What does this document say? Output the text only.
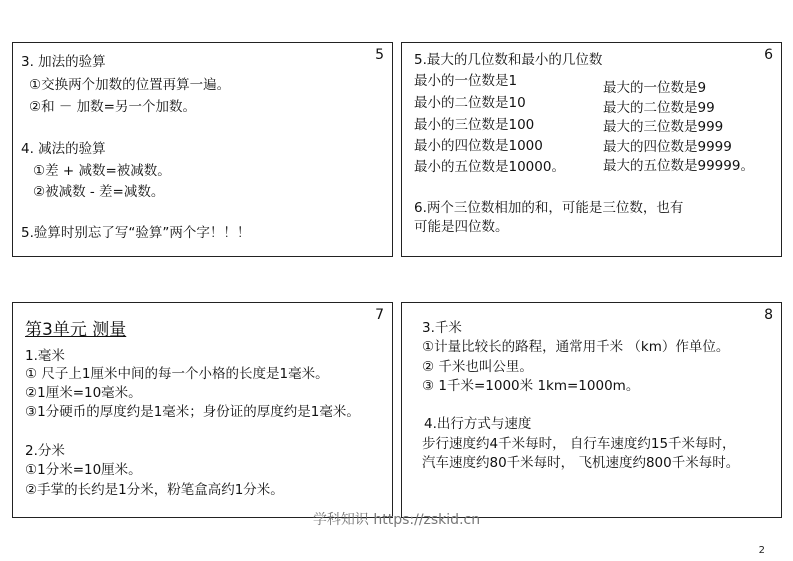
5
3. 加法的验算
①交换两个加数的位置再算一遍。
②和 － 加数=另一个加数。
4. 减法的验算
①差 + 减数=被减数。
②被减数 - 差=减数。
5.验算时别忘了写“验算”两个字！！！
6
5.最大的几位数和最小的几位数
最小的一位数是1
最小的二位数是10
最小的三位数是100
最小的四位数是1000
最小的五位数是10000。
最大的一位数是9
最大的二位数是99
最大的三位数是999
最大的四位数是9999
最大的五位数是99999。
6.两个三位数相加的和，可能是三位数，也有
可能是四位数。
7
第3单元 测量
1.毫米
① 尺子上1厘米中间的每一个小格的长度是1毫米。
②1厘米=10毫米。
③1分硬币的厚度约是1毫米；身份证的厚度约是1毫米。
2.分米
①1分米=10厘米。
②手掌的长约是1分米，粉笔盒高约1分米。
8
3.千米
①计量比较长的路程，通常用千米 （km）作单位。
② 千米也叫公里。
③ 1千米=1000米 1km=1000m。
4.出行方式与速度
步行速度约4千米每时， 自行车速度约15千米每时，
汽车速度约80千米每时， 飞机速度约800千米每时。
学科知识 https://zskid.cn
2
